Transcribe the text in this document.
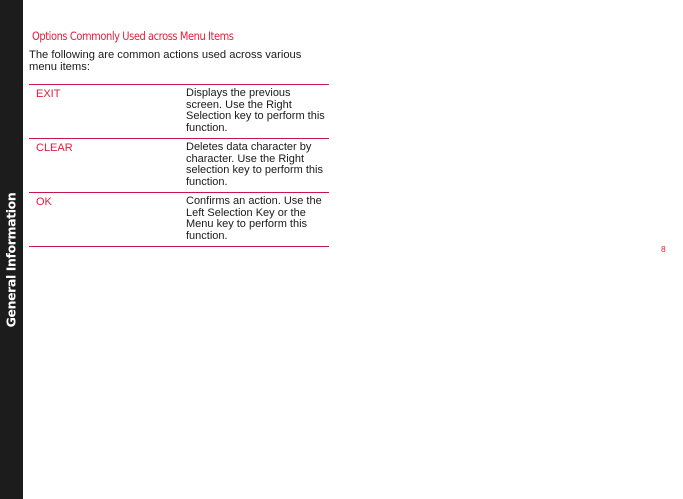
General Information
Options Commonly Used across Menu Items
The following are common actions used across various menu items:
EXIT	Displays the previous screen. Use the Right Selection key to perform this function.
CLEAR	Deletes data character by character. Use the Right selection key to perform this function.
OK	Confirms an action. Use the Left Selection Key or the Menu key to perform this function.
8
